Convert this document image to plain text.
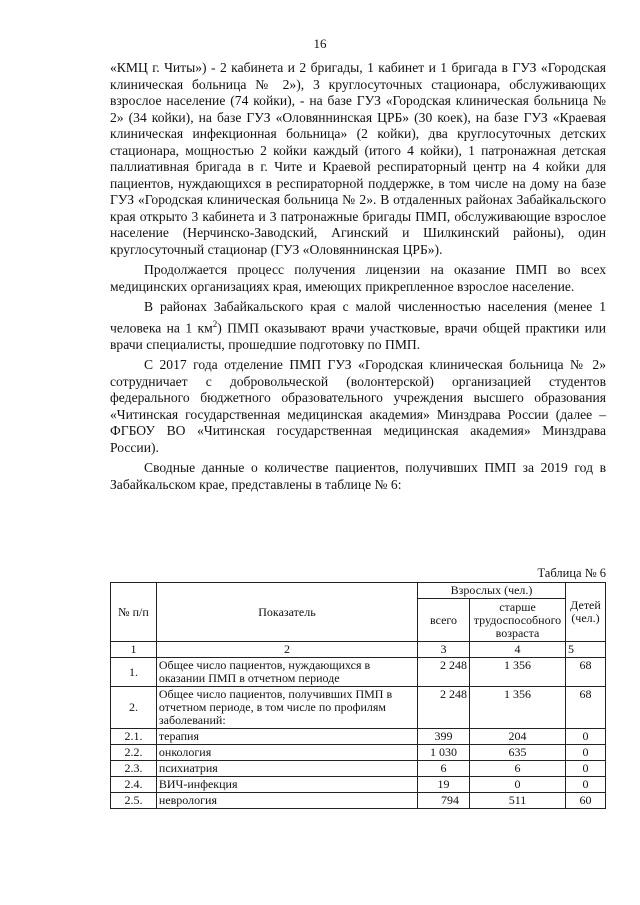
16

«КМЦ г. Читы») - 2 кабинета и 2 бригады, 1 кабинет и 1 бригада в ГУЗ «Городская клиническая больница № 2»), 3 круглосуточных стационара, обслуживающих взрослое население (74 койки), - на базе ГУЗ «Городская клиническая больница № 2» (34 койки), на базе ГУЗ «Оловяннинская ЦРБ» (30 коек), на базе ГУЗ «Краевая клиническая инфекционная больница» (2 койки), два круглосуточных детских стационара, мощностью 2 койки каждый (итого 4 койки), 1 патронажная детская паллиативная бригада в г. Чите и Краевой респираторный центр на 4 койки для пациентов, нуждающихся в респираторной поддержке, в том числе на дому на базе ГУЗ «Городская клиническая больница № 2». В отдаленных районах Забайкальского края открыто 3 кабинета и 3 патронажные бригады ПМП, обслуживающие взрослое население (Нерчинско-Заводский, Агинский и Шилкинский районы), один круглосуточный стационар (ГУЗ «Оловяннинская ЦРБ»).

Продолжается процесс получения лицензии на оказание ПМП во всех медицинских организациях края, имеющих прикрепленное взрослое население.

В районах Забайкальского края с малой численностью населения (менее 1 человека на 1 $км^2$) ПМП оказывают врачи участковые, врачи общей практики или врачи специалисты, прошедшие подготовку по ПМП.

С 2017 года отделение ПМП ГУЗ «Городская клиническая больница № 2» сотрудничает с добровольческой (волонтерской) организацией студентов федерального бюджетного образовательного учреждения высшего образования «Читинская государственная медицинская академия» Минздрава России (далее – ФГБОУ ВО «Читинская государственная медицинская академия» Минздрава России).

Сводные данные о количестве пациентов, получивших ПМП за 2019 год в Забайкальском крае, представлены в таблице № 6:

Таблица № 6
№ п/п	Показатель	Взрослых (чел.)		Детей (чел.)
		всего	старше трудоспособного возраста	
1	2	3	4	5
1.	Общее число пациентов, нуждающихся в оказании ПМП в отчетном периоде	2 248	1 356	68
2.	Общее число пациентов, получивших ПМП в отчетном периоде, в том числе по профилям заболеваний:	2 248	1 356	68
2.1.	терапия	399	204	0
2.2.	онкология	1 030	635	0
2.3.	психиатрия	6	6	0
2.4.	ВИЧ-инфекция	19	0	0
2.5.	неврология	794	511	60
